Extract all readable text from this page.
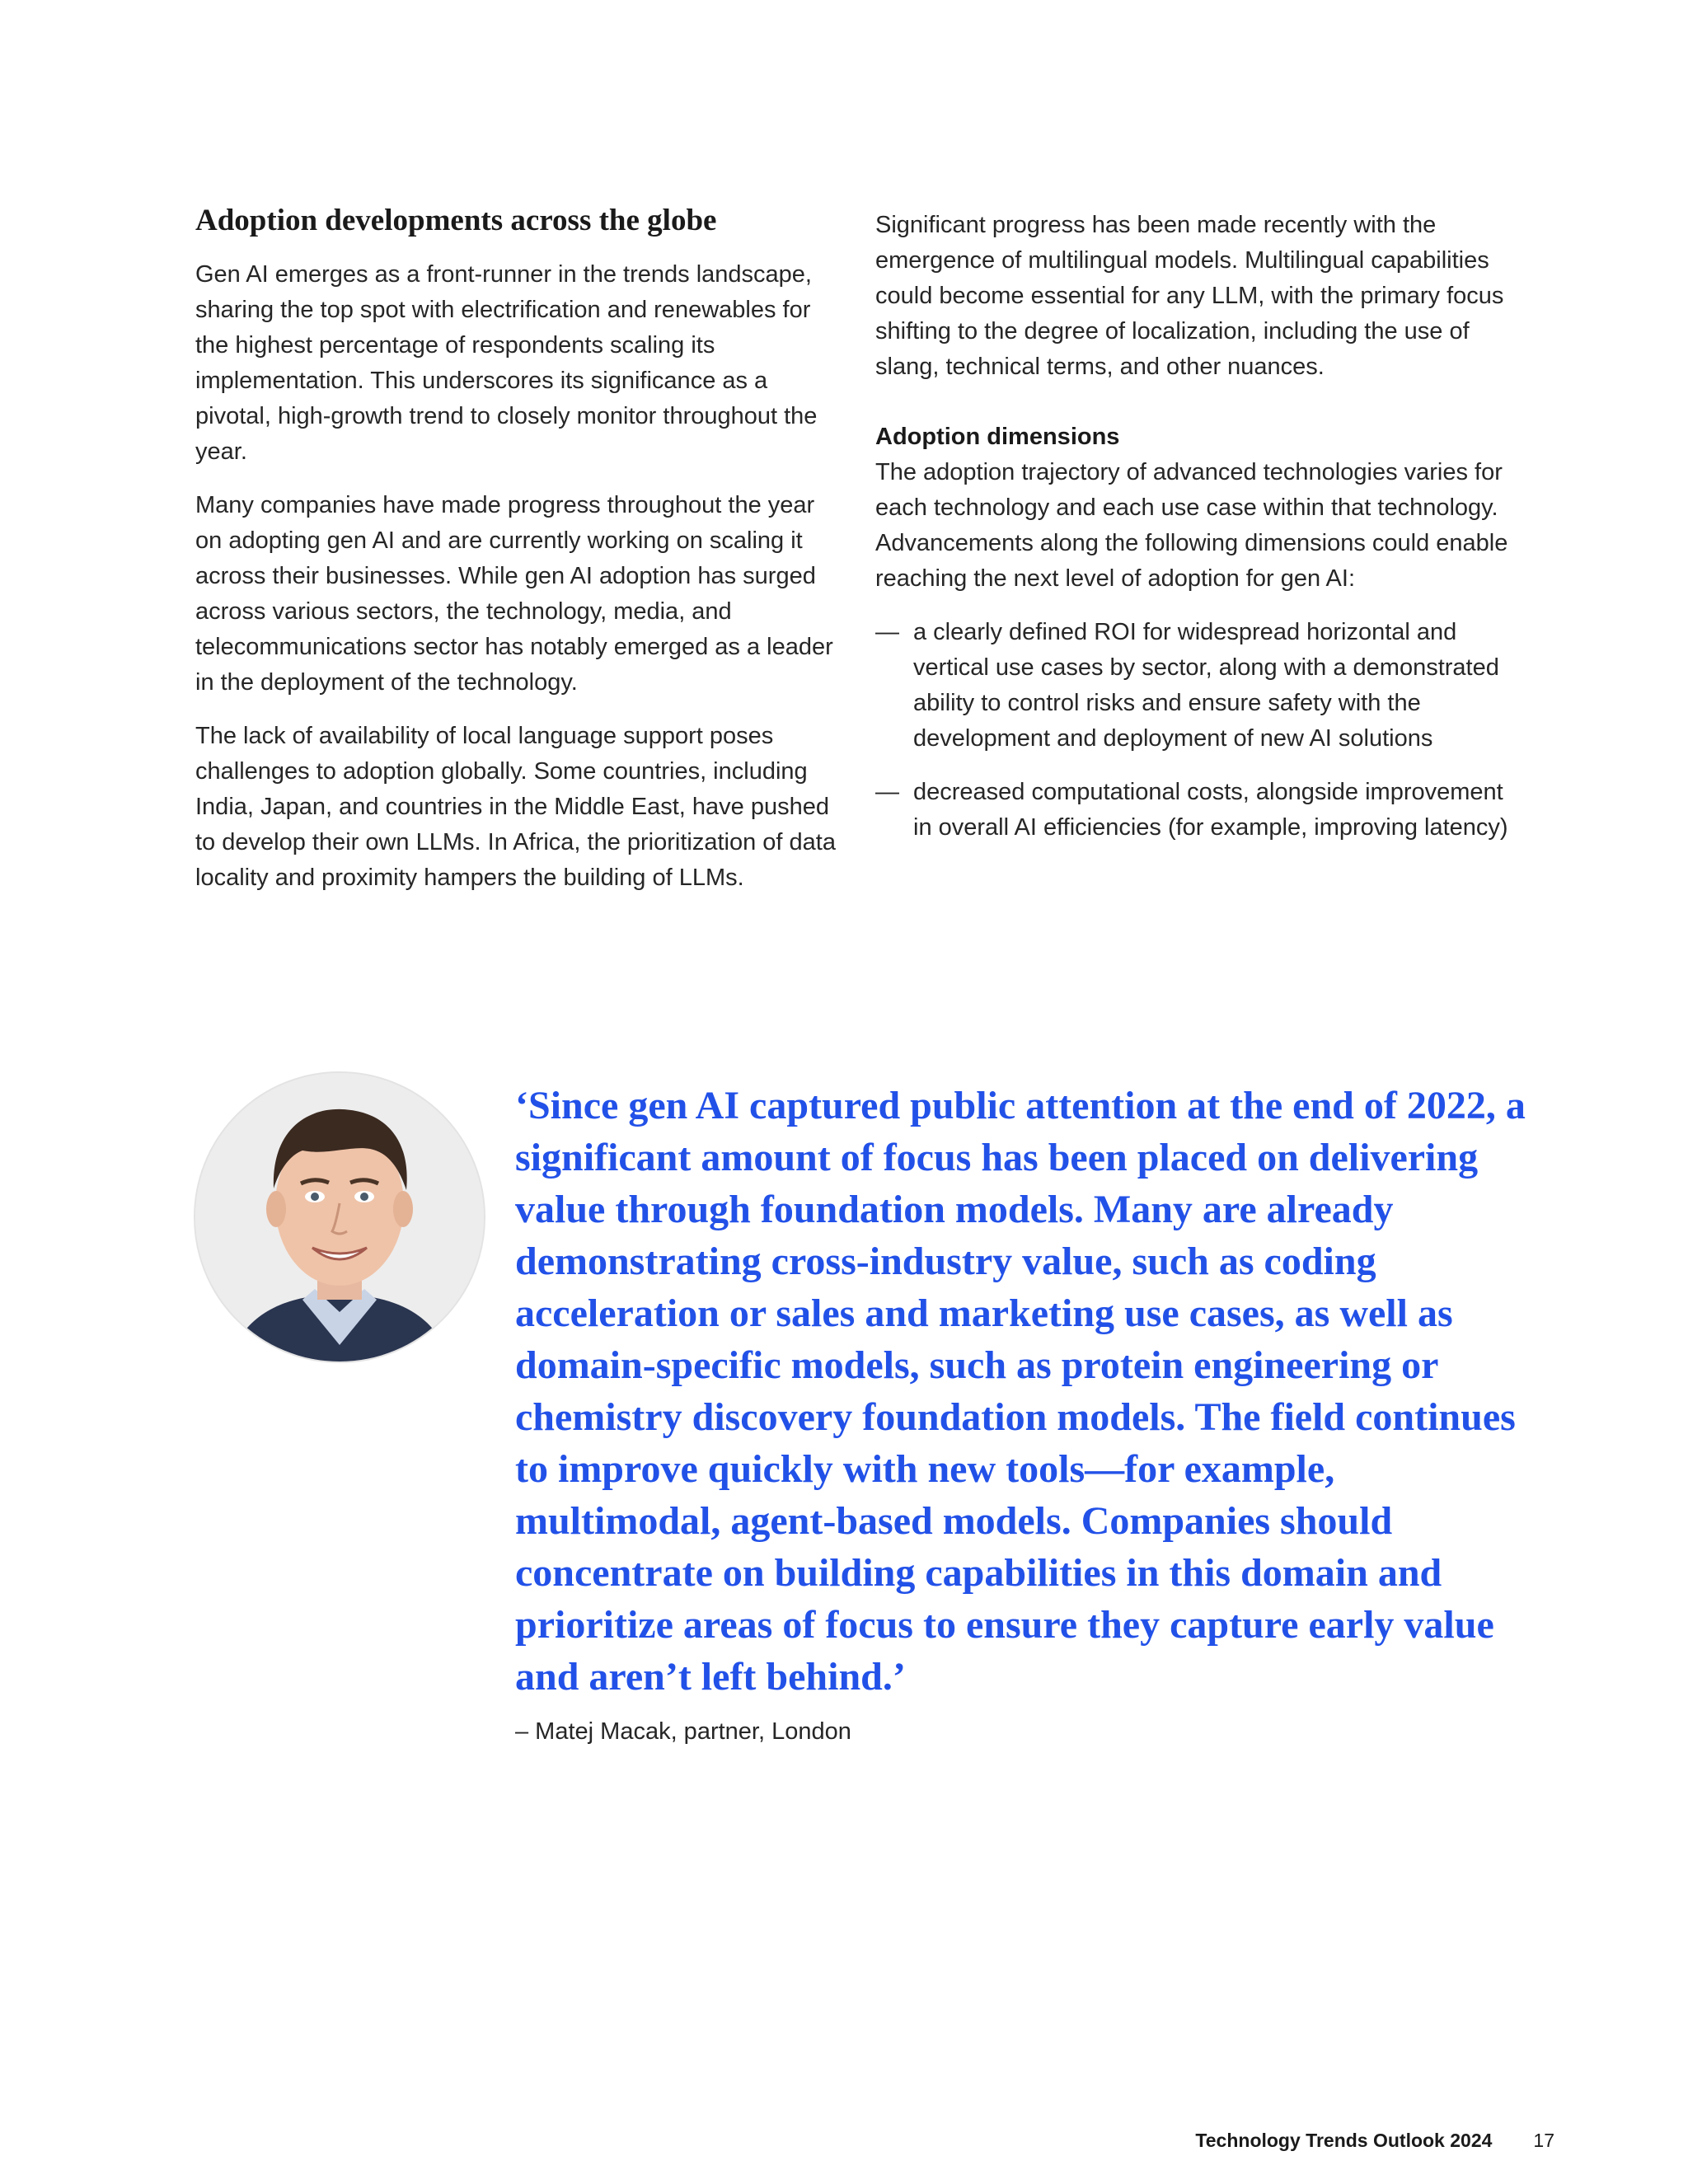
Adoption developments across the globe

Gen AI emerges as a front-runner in the trends landscape, sharing the top spot with electrification and renewables for the highest percentage of respondents scaling its implementation. This underscores its significance as a pivotal, high-growth trend to closely monitor throughout the year.

Many companies have made progress throughout the year on adopting gen AI and are currently working on scaling it across their businesses. While gen AI adoption has surged across various sectors, the technology, media, and telecommunications sector has notably emerged as a leader in the deployment of the technology.

The lack of availability of local language support poses challenges to adoption globally. Some countries, including India, Japan, and countries in the Middle East, have pushed to develop their own LLMs. In Africa, the prioritization of data locality and proximity hampers the building of LLMs.

Significant progress has been made recently with the emergence of multilingual models. Multilingual capabilities could become essential for any LLM, with the primary focus shifting to the degree of localization, including the use of slang, technical terms, and other nuances.

Adoption dimensions

The adoption trajectory of advanced technologies varies for each technology and each use case within that technology. Advancements along the following dimensions could enable reaching the next level of adoption for gen AI:

— a clearly defined ROI for widespread horizontal and vertical use cases by sector, along with a demonstrated ability to control risks and ensure safety with the development and deployment of new AI solutions
— decreased computational costs, alongside improvement in overall AI efficiencies (for example, improving latency)

‘Since gen AI captured public attention at the end of 2022, a significant amount of focus has been placed on delivering value through foundation models. Many are already demonstrating cross-industry value, such as coding acceleration or sales and marketing use cases, as well as domain-specific models, such as protein engineering or chemistry discovery foundation models. The field continues to improve quickly with new tools—for example, multimodal, agent-based models. Companies should concentrate on building capabilities in this domain and prioritize areas of focus to ensure they capture early value and aren’t left behind.’

– Matej Macak, partner, London
Technology Trends Outlook 2024 17
